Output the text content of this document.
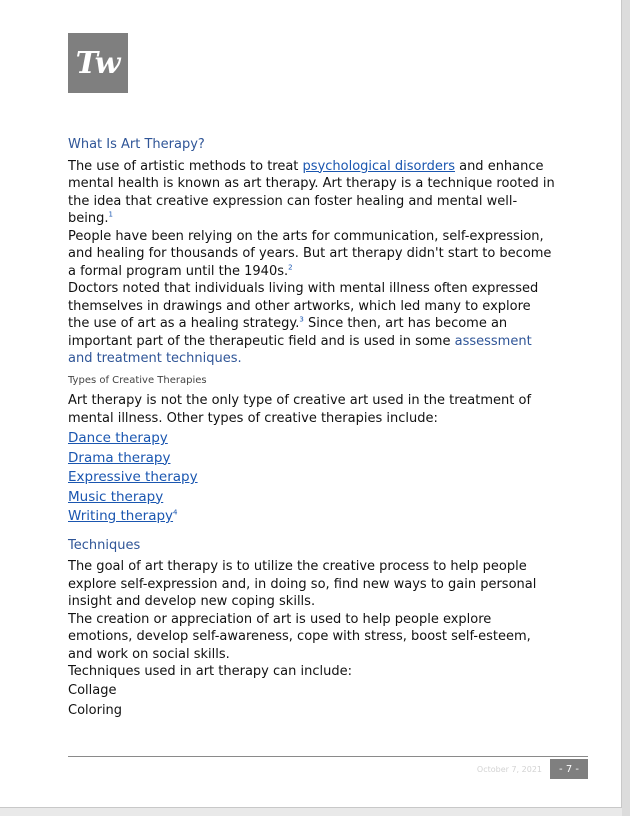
Tw
What Is Art Therapy?

The use of artistic methods to treat psychological disorders and enhance mental health is known as art therapy. Art therapy is a technique rooted in the idea that creative expression can foster healing and mental well-being.$^1$

People have been relying on the arts for communication, self-expression, and healing for thousands of years. But art therapy didn't start to become a formal program until the 1940s.$^2$

Doctors noted that individuals living with mental illness often expressed themselves in drawings and other artworks, which led many to explore the use of art as a healing strategy.$^3$ Since then, art has become an important part of the therapeutic field and is used in some assessment and treatment techniques.

Types of Creative Therapies

Art therapy is not the only type of creative art used in the treatment of mental illness. Other types of creative therapies include:

Dance therapy
Drama therapy
Expressive therapy
Music therapy
Writing therapy$^4$
Techniques

The goal of art therapy is to utilize the creative process to help people explore self-expression and, in doing so, find new ways to gain personal insight and develop new coping skills.

The creation or appreciation of art is used to help people explore emotions, develop self-awareness, cope with stress, boost self-esteem, and work on social skills.

Techniques used in art therapy can include:

Collage
Coloring
October 7, 2021	- 7 -
